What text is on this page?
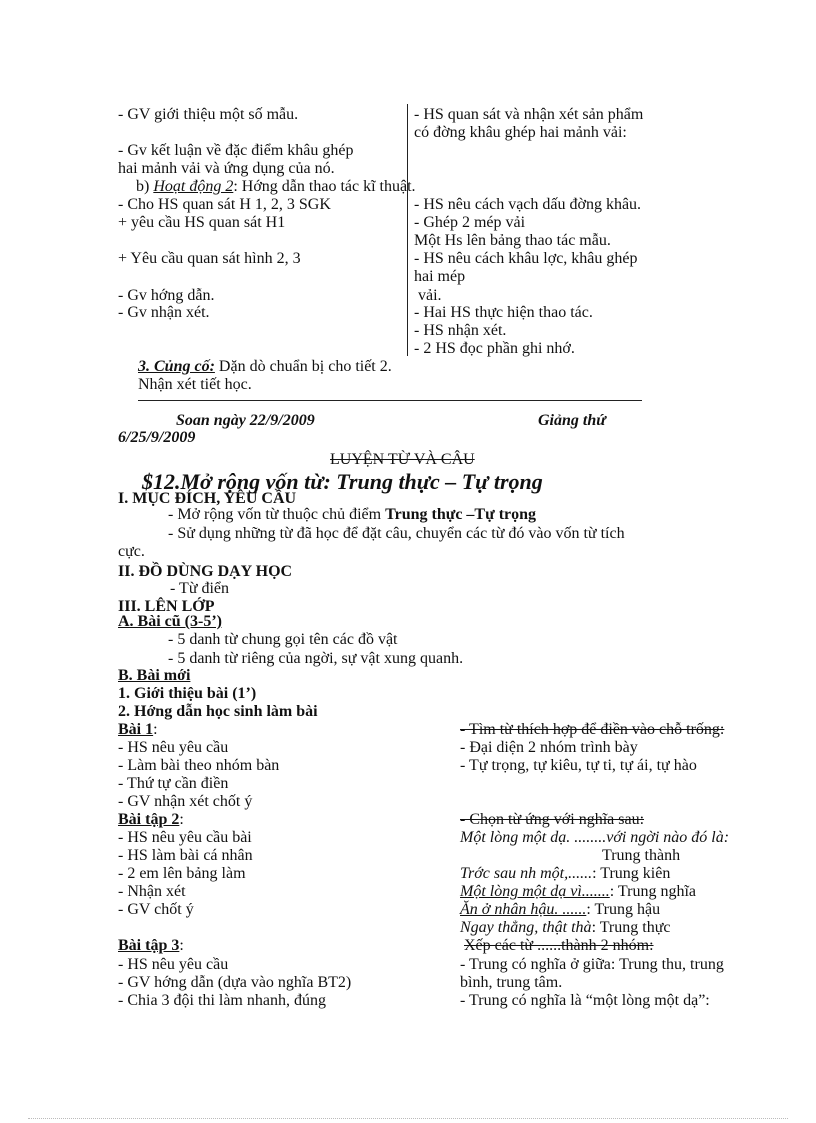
- GV giới thiệu một số mẫu.
- Gv kết luận về đặc điểm khâu ghép
hai mảnh vải và ứng dụng của nó.
b) Hoạt động 2: Hớng dẫn thao tác kĩ thuật.
- Cho HS quan sát H 1, 2, 3 SGK
+ yêu cầu HS quan sát H1
+ Yêu cầu quan sát hình 2, 3
- Gv hớng dẫn.
- Gv nhận xét.
- HS quan sát và nhận xét sản phẩm
có đờng khâu ghép hai mảnh vải:
- HS nêu cách vạch dấu đờng khâu.
- Ghép 2 mép vải
Một Hs lên bảng thao tác mẫu.
- HS nêu cách khâu lợc, khâu ghép
hai mép
vải.
- Hai HS thực hiện thao tác.
- HS nhận xét.
- 2 HS đọc phần ghi nhớ.
3. Củng cố: Dặn dò chuẩn bị cho tiết 2.
Nhận xét tiết học.
Soan ngày 22/9/2009	Giảng thứ
6/25/9/2009
LUYỆN TỪ VÀ CÂU
$12.Mở rộng vốn từ: Trung thực – Tự trọng
I. MỤC ĐÍCH, YÊU CẦU
- Mở rộng vốn từ thuộc chủ điểm Trung thực –Tự trọng
- Sử dụng những từ đã học để đặt câu, chuyển các từ đó vào vốn từ tích
cực.
II. ĐỒ DÙNG DẠY HỌC
- Từ điển
III. LÊN LỚP
A. Bài cũ (3-5’)
- 5 danh từ chung gọi tên các đồ vật
- 5 danh từ riêng của ngời, sự vật xung quanh.
B. Bài mới
1. Giới thiệu bài (1’)
2. Hớng dẫn học sinh làm bài
Bài 1:
- HS nêu yêu cầu
- Làm bài theo nhóm bàn
- Thứ tự cần điền
- GV nhận xét chốt ý
- Tìm từ thích hợp để điền vào chỗ trống:
- Đại diện 2 nhóm trình bày
- Tự trọng, tự kiêu, tự ti, tự ái, tự hào
Bài tập 2:
- HS nêu yêu cầu bài
- HS làm bài cá nhân
- 2 em lên bảng làm
- Nhận xét
- GV chốt ý
- Chọn từ ứng với nghĩa sau:
Một lòng một dạ. ........với ngời nào đó là:
Trung thành
Trớc sau nh một,......: Trung kiên
Một lòng một dạ vì.......: Trung nghĩa
Ăn ở nhân hậu. ......: Trung hậu
Ngay thẳng, thật thà: Trung thực
Bài tập 3:
- HS nêu yêu cầu
- GV hớng dẫn (dựa vào nghĩa BT2)
- Chia 3 đội thi làm nhanh, đúng
Xếp các từ ......thành 2 nhóm:
- Trung có nghĩa ở giữa: Trung thu, trung
bình, trung tâm.
- Trung có nghĩa là “một lòng một dạ”:
